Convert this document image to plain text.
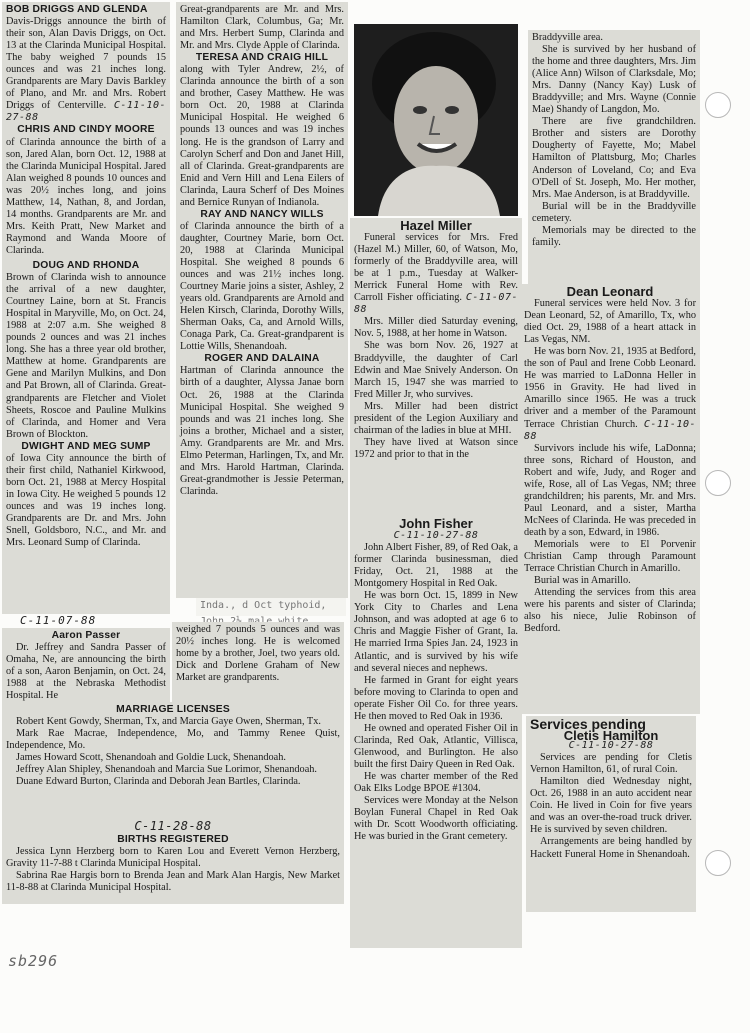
BOB DRIGGS AND GLENDA

Davis-Driggs announce the birth of their son, Alan Davis Driggs, on Oct. 13 at the Clarinda Municipal Hospital. The baby weighed 7 pounds 15 ounces and was 21 inches long. Grandparents are Mary Davis Barkley of Plano, and Mr. and Mrs. Robert Driggs of Centerville. C-11-10-27-88

CHRIS AND CINDY MOORE

of Clarinda announce the birth of a son, Jared Alan, born Oct. 12, 1988 at the Clarinda Municipal Hospital. Jared Alan weighed 8 pounds 10 ounces and was 20½ inches long, and joins Matthew, 14, Nathan, 8, and Jordan, 14 months. Grandparents are Mr. and Mrs. Keith Pratt, New Market and Raymond and Wanda Moore of Clarinda.

DOUG AND RHONDA

Brown of Clarinda wish to announce the arrival of a new daughter, Courtney Laine, born at St. Francis Hospital in Maryville, Mo, on Oct. 24, 1988 at 2:07 a.m. She weighed 8 pounds 2 ounces and was 21 inches long. She has a three year old brother, Matthew at home. Grandparents are Gene and Marilyn Mulkins, and Don and Pat Brown, all of Clarinda. Great-grandparents are Fletcher and Violet Sheets, Roscoe and Pauline Mulkins of Clarinda, and Homer and Vera Brown of Blockton.

DWIGHT AND MEG SUMP

of Iowa City announce the birth of their first child, Nathaniel Kirkwood, born Oct. 21, 1988 at Mercy Hospital in Iowa City. He weighed 5 pounds 12 ounces and was 19 inches long. Grandparents are Dr. and Mrs. John Snell, Goldsboro, N.C., and Mr. and Mrs. Leonard Sump of Clarinda.

Great-grandparents are Mr. and Mrs. Hamilton Clark, Columbus, Ga; Mr. and Mrs. Herbert Sump, Clarinda and Mr. and Mrs. Clyde Apple of Clarinda.

TERESA AND CRAIG HILL

along with Tyler Andrew, 2½, of Clarinda announce the birth of a son and brother, Casey Matthew. He was born Oct. 20, 1988 at Clarinda Municipal Hospital. He weighed 6 pounds 13 ounces and was 19 inches long. He is the grandson of Larry and Carolyn Scherf and Don and Janet Hill, all of Clarinda. Great-grandparents are Enid and Vern Hill and Lena Eilers of Clarinda, Laura Scherf of Des Moines and Bernice Runyan of Indianola.

RAY AND NANCY WILLS

of Clarinda announce the birth of a daughter, Courtney Marie, born Oct. 20, 1988 at Clarinda Municipal Hospital. She weighed 8 pounds 6 ounces and was 21½ inches long. Courtney Marie joins a sister, Ashley, 2 years old. Grandparents are Arnold and Helen Kirsch, Clarinda, Dorothy Wills, Sherman Oaks, Ca, and Arnold Wills, Conaga Park, Ca. Great-grandparent is Lottie Wills, Shenandoah.

ROGER AND DALAINA

Hartman of Clarinda announce the birth of a daughter, Alyssa Janae born Oct. 26, 1988 at the Clarinda Municipal Hospital. She weighed 9 pounds and was 21 inches long. She joins a brother, Michael and a sister, Amy. Grandparents are Mr. and Mrs. Elmo Peterman, Harlingen, Tx, and Mr. and Mrs. Harold Hartman, Clarinda. Great-grandmother is Jessie Peterman, Clarinda.

Inda., d Oct typhoid,
C-11-07-88

Aaron Passer

Dr. Jeffrey and Sandra Passer of Omaha, Ne, are announcing the birth of a son, Aaron Benjamin, on Oct. 24, 1988 at the Nebraska Methodist Hospital. He

weighed 7 pounds 5 ounces and was 20½ inches long. He is welcomed home by a brother, Joel, two years old. Dick and Dorlene Graham of New Market are grandparents.

MARRIAGE LICENSES

Robert Kent Gowdy, Sherman, Tx, and Marcia Gaye Owen, Sherman, Tx.

Mark Rae Macrae, Independence, Mo, and Tammy Renee Quist, Independence, Mo.

James Howard Scott, Shenandoah and Goldie Luck, Shenandoah.

Jeffrey Alan Shipley, Shenandoah and Marcia Sue Lorimor, Shenandoah.

Duane Edward Burton, Clarinda and Deborah Jean Bartles, Clarinda.

C-11-28-88

BIRTHS REGISTERED

Jessica Lynn Herzberg born to Karen Lou and Everett Vernon Herzberg, Gravity 11-7-88 t Clarinda Municipal Hospital.

Sabrina Rae Hargis born to Brenda Jean and Mark Alan Hargis, New Market 11-8-88 at Clarinda Municipal Hospital.

Hazel Miller

Funeral services for Mrs. Fred (Hazel M.) Miller, 60, of Watson, Mo, formerly of the Braddyville area, will be at 1 p.m., Tuesday at Walker-Merrick Funeral Home with Rev. Carroll Fisher officiating. C-11-07-88

Mrs. Miller died Saturday evening, Nov. 5, 1988, at her home in Watson.

She was born Nov. 26, 1927 at Braddyville, the daughter of Carl Edwin and Mae Snively Anderson. On March 15, 1947 she was married to Fred Miller Jr, who survives.

Mrs. Miller had been district president of the Legion Auxiliary and chairman of the ladies in blue at MHI.

They have lived at Watson since 1972 and prior to that in the

John Fisher

C-11-10-27-88

John Albert Fisher, 89, of Red Oak, a former Clarinda businessman, died Friday, Oct. 21, 1988 at the Montgomery Hospital in Red Oak.

He was born Oct. 15, 1899 in New York City to Charles and Lena Johnson, and was adopted at age 6 to Chris and Maggie Fisher of Grant, Ia. He married Irma Spies Jan. 24, 1923 in Atlantic, and is survived by his wife and several nieces and nephews.

He farmed in Grant for eight years before moving to Clarinda to open and operate Fisher Oil Co. for three years. He then moved to Red Oak in 1936.

He owned and operated Fisher Oil in Clarinda, Red Oak, Atlantic, Villisca, Glenwood, and Burlington. He also built the first Dairy Queen in Red Oak.

He was charter member of the Red Oak Elks Lodge BPOE #1304.

Services were Monday at the Nelson Boylan Funeral Chapel in Red Oak with Dr. Scott Woodworth officiating. He was buried in the Grant cemetery.

Braddyville area.

She is survived by her husband of the home and three daughters, Mrs. Jim (Alice Ann) Wilson of Clarksdale, Mo; Mrs. Danny (Nancy Kay) Lusk of Braddyville; and Mrs. Wayne (Connie Mae) Shandy of Langdon, Mo.

There are five grandchildren. Brother and sisters are Dorothy Dougherty of Fayette, Mo; Mabel Hamilton of Plattsburg, Mo; Charles Anderson of Loveland, Co; and Eva O'Dell of St. Joseph, Mo. Her mother, Mrs. Mae Anderson, is at Braddyville.

Burial will be in the Braddyville cemetery.

Memorials may be directed to the family.

Dean Leonard

Funeral services were held Nov. 3 for Dean Leonard, 52, of Amarillo, Tx, who died Oct. 29, 1988 of a heart attack in Las Vegas, NM.

He was born Nov. 21, 1935 at Bedford, the son of Paul and Irene Cobb Leonard. He was married to LaDonna Heller in 1956 in Gravity. He had lived in Amarillo since 1965. He was a truck driver and a member of the Paramount Terrace Christian Church. C-11-10-88

Survivors include his wife, LaDonna; three sons, Richard of Houston, and Robert and wife, Judy, and Roger and wife, Rose, all of Las Vegas, NM; three grandchildren; his parents, Mr. and Mrs. Paul Leonard, and a sister, Martha McNees of Clarinda. He was preceded in death by a son, Edward, in 1986.

Memorials were to El Porvenir Christian Camp through Paramount Terrace Christian Church in Amarillo.

Burial was in Amarillo.

Attending the services from this area were his parents and sister of Clarinda; also his niece, Julie Robinson of Bedford.

Services pending

Cletis Hamilton

C-11-10-27-88

Services are pending for Cletis Vernon Hamilton, 61, of rural Coin.

Hamilton died Wednesday night, Oct. 26, 1988 in an auto accident near Coin. He lived in Coin for five years and was an over-the-road truck driver. He is survived by seven children.

Arrangements are being handled by Hackett Funeral Home in Shenandoah.

sb296
